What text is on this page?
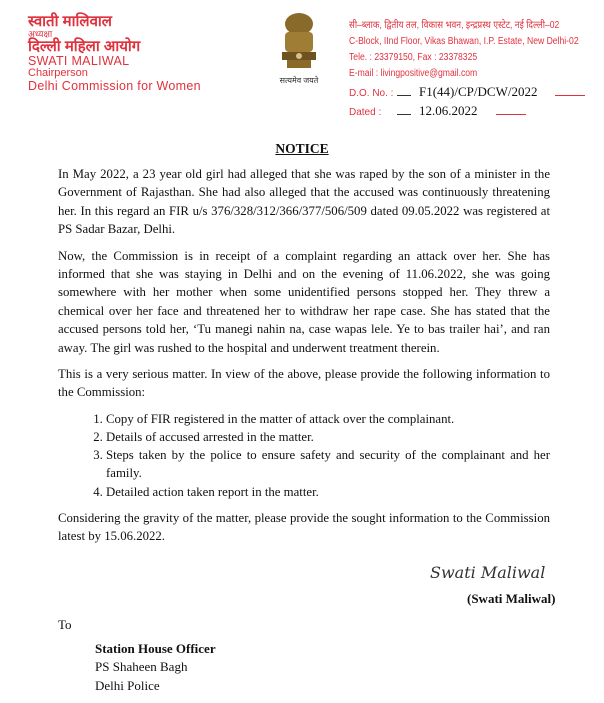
स्वाती मालिवाल
अध्यक्षा
दिल्ली महिला आयोग
SWATI MALIWAL
Chairperson
Delhi Commission for Women	सत्यमेव जयते
सी–ब्लाक, द्वितीय तल, विकास भवन, इन्द्रप्रस्थ एस्टेट, नई दिल्ली–02
C-Block, IInd Floor, Vikas Bhawan, I.P. Estate, New Delhi-02
Tele. : 23379150, Fax : 23378325
E-mail : livingpositive@gmail.com
D.O. No. : F1(44)/CP/DCW/2022
Dated :	12.06.2022
NOTICE

In May 2022, a 23 year old girl had alleged that she was raped by the son of a minister in the Government of Rajasthan. She had also alleged that the accused was continuously threatening her. In this regard an FIR u/s 376/328/312/366/377/506/509 dated 09.05.2022 was registered at PS Sadar Bazar, Delhi.

Now, the Commission is in receipt of a complaint regarding an attack over her. She has informed that she was staying in Delhi and on the evening of 11.06.2022, she was going somewhere with her mother when some unidentified persons stopped her. They threw a chemical over her face and threatened her to withdraw her rape case. She has stated that the accused persons told her, ‘Tu manegi nahin na, case wapas lele. Ye to bas trailer hai’, and ran away. The girl was rushed to the hospital and underwent treatment therein.

This is a very serious matter. In view of the above, please provide the following information to the Commission:

1. Copy of FIR registered in the matter of attack over the complainant.
2. Details of accused arrested in the matter.
3. Steps taken by the police to ensure safety and security of the complainant and her family.
4. Detailed action taken report in the matter.

Considering the gravity of the matter, please provide the sought information to the Commission latest by 15.06.2022.

Swati Maliwal
(Swati Maliwal)
To
Station House Officer
PS Shaheen Bagh
Delhi Police
